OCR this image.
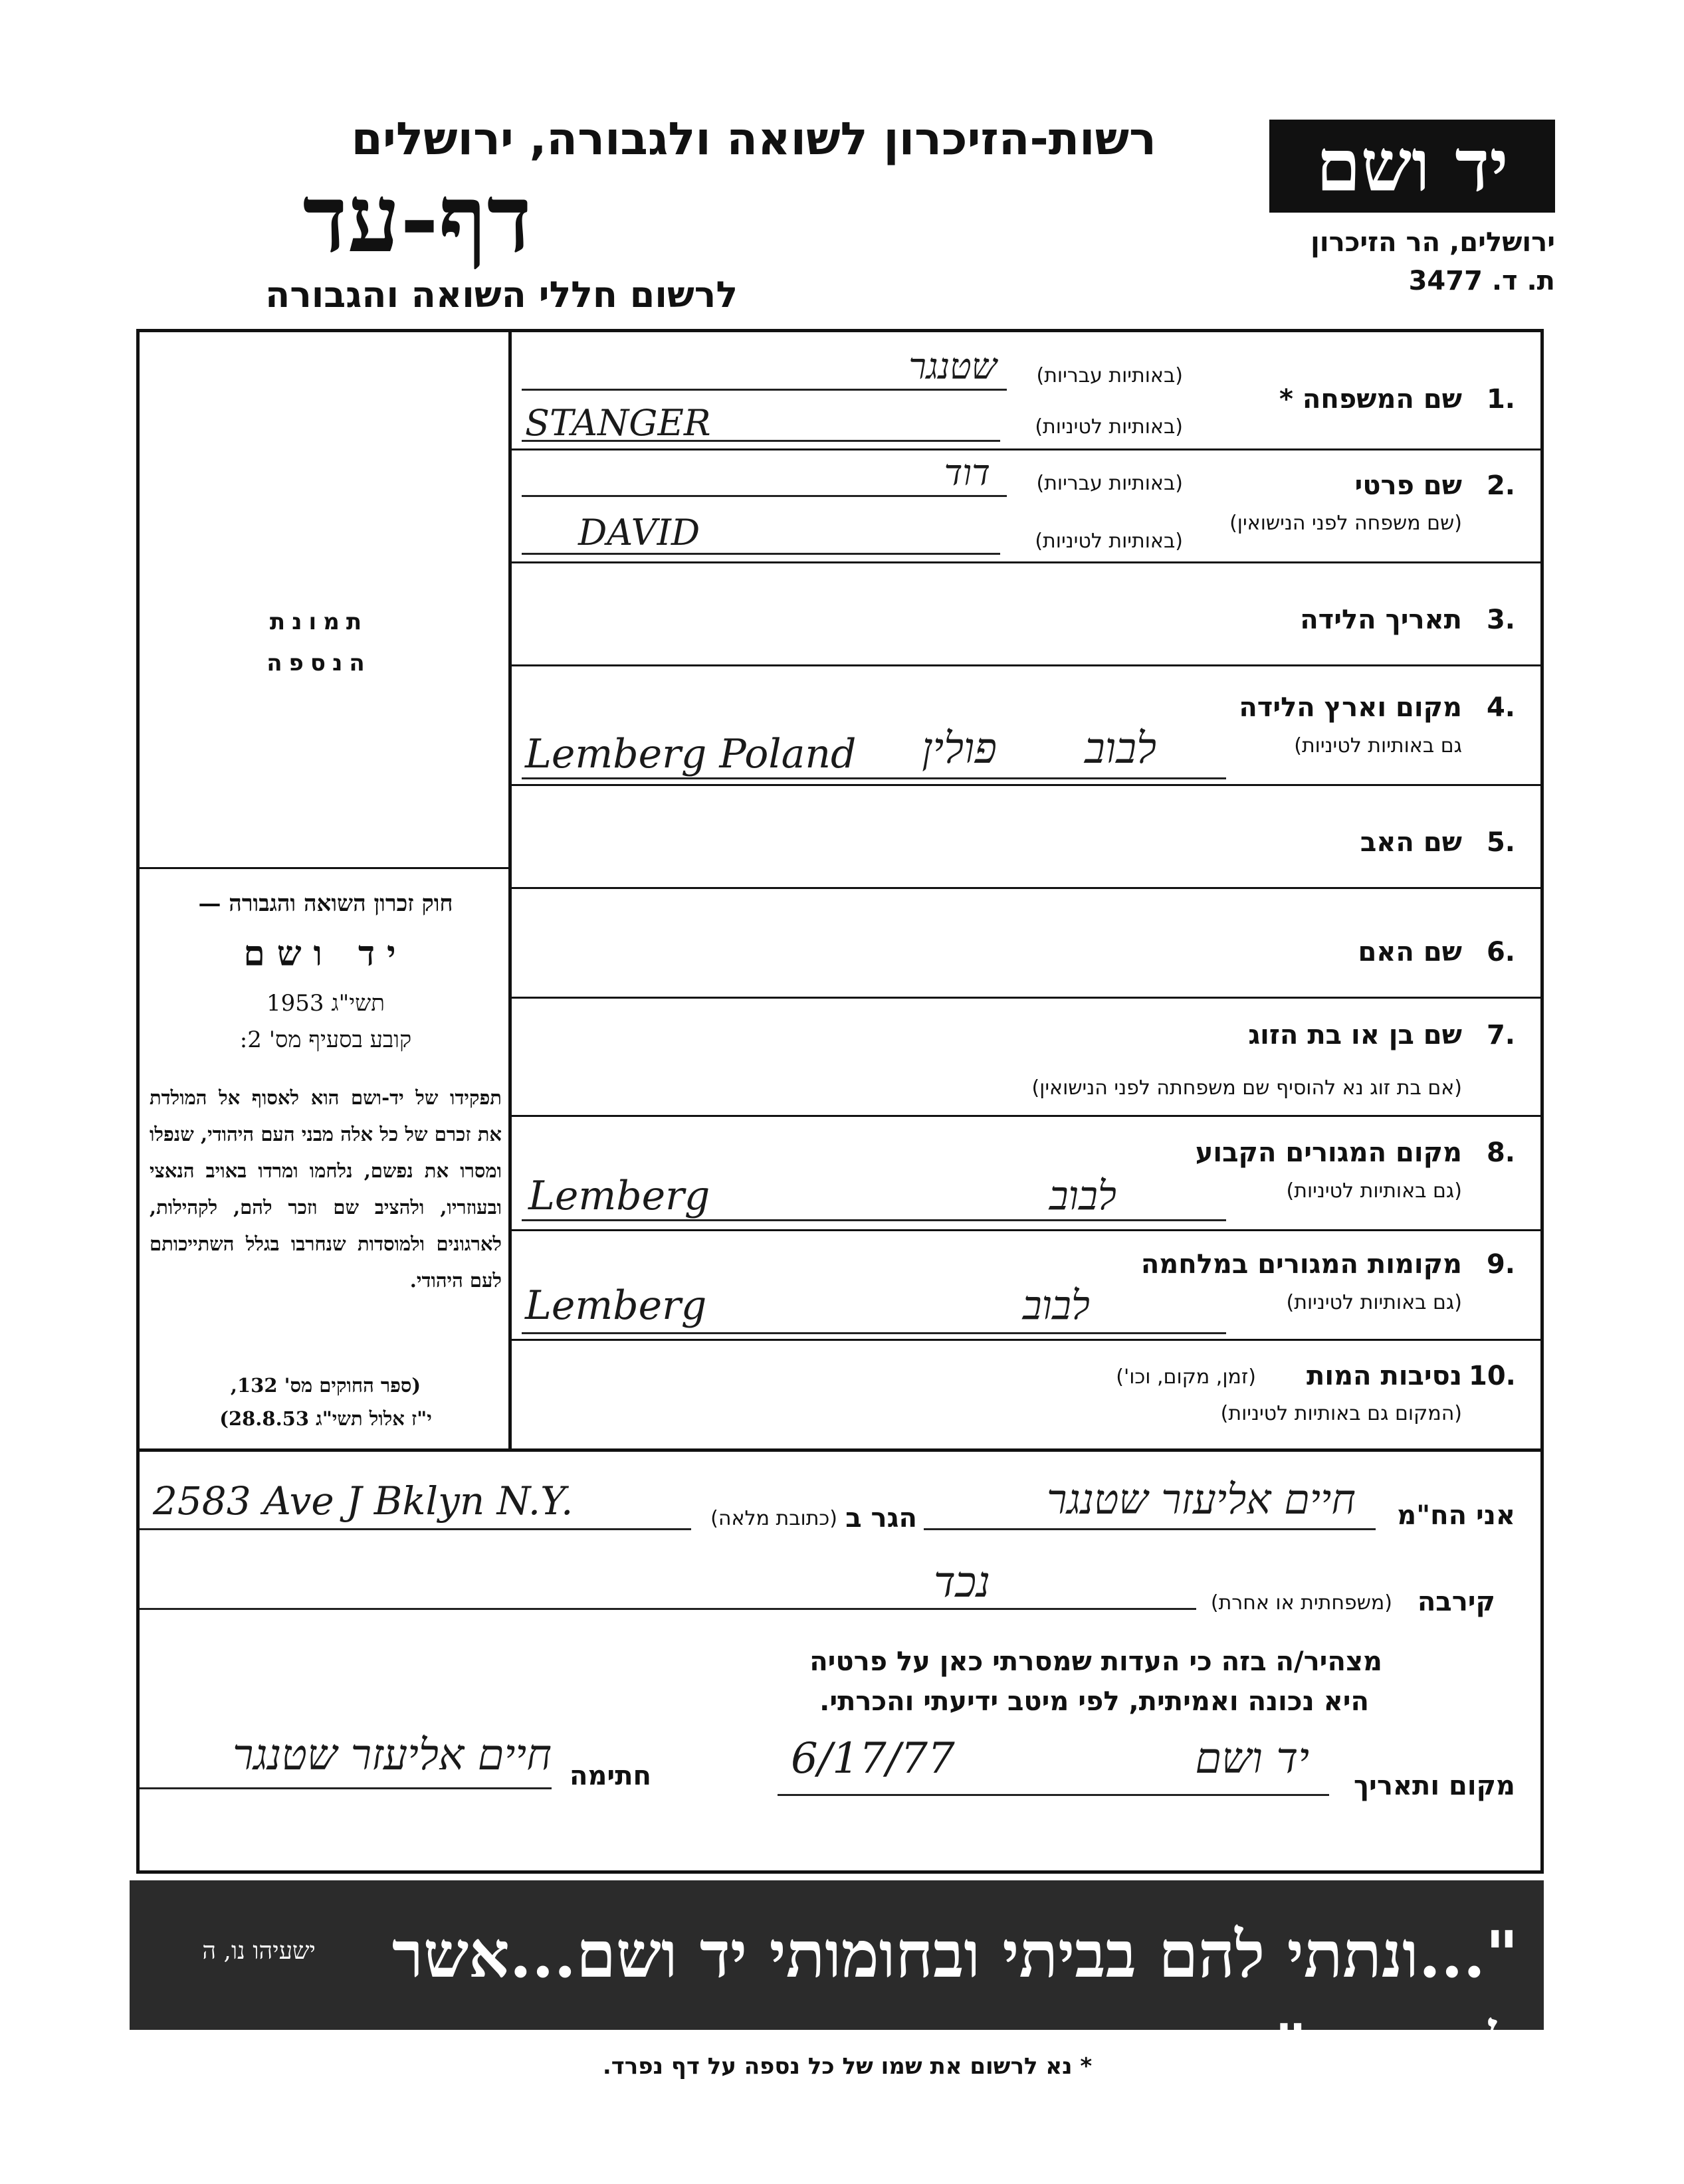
יד ושם
ירושלים, הר הזיכרון
ת. ד. 3477
רשות-הזיכרון לשואה ולגבורה, ירושלים
דף-עד
לרשום חללי השואה והגבורה
תמונת
הנספה
חוק זכרון השואה והגבורה —
יד ושם
תשי"ג 1953
קובע בסעיף מס' 2:
תפקידו של יד-ושם הוא לאסוף אל המולדת את זכרם של כל אלה מבני העם היהודי, שנפלו ומסרו את נפשם, נלחמו ומרדו באויב הנאצי ובעוזריו, ולהציב שם וזכר להם, לקהילות, לארגונים ולמוסדות שנחרבו בגלל השתייכותם לעם היהודי.
(ספר החוקים מס' 132,
י"ז אלול תשי"ג 28.8.53)
1.
שם המשפחה *
(באותיות עבריות)
שטנגר
(באותיות לטיניות)
STANGER
2.
שם פרטי
(שם משפחה לפני הנישואין)
(באותיות עבריות)
דוד
(באותיות לטיניות)
DAVID
3.
תאריך הלידה
4.
מקום וארץ הלידה
גם באותיות לטיניות)
Lemberg Poland	פולין	לבוב
5.
שם האב
6.
שם האם
7.
שם בן או בת הזוג
(אם בת זוג נא להוסיף שם משפחתה לפני הנישואין)
8.
מקום המגורים הקבוע
(גם באותיות לטיניות)
Lemberg	לבוב
9.
מקומות המגורים במלחמה
(גם באותיות לטיניות)
Lemberg	לבוב
10.
נסיבות המות
(זמן, מקום, וכו')
(המקום גם באותיות לטיניות)
אני הח"מ
חיים אליעזר שטנגר
הגר ב
(כתובת מלאה)
2583 Ave J Bklyn N.Y.
קירבה
(משפחתית או אחרת)
נכד
מצהיר/ה בזה כי העדות שמסרתי כאן על פרטיה
היא נכונה ואמיתית, לפי מיטב ידיעתי והכרתי.
מקום ותאריך
יד ושם
6/17/77
חתימה
חיים אליעזר שטנגר
"...ונתתי להם בביתי ובחומותי יד ושם...אשר לא יכרת"
ישעיהו נו, ה
* נא לרשום את שמו של כל נספה על דף נפרד.
